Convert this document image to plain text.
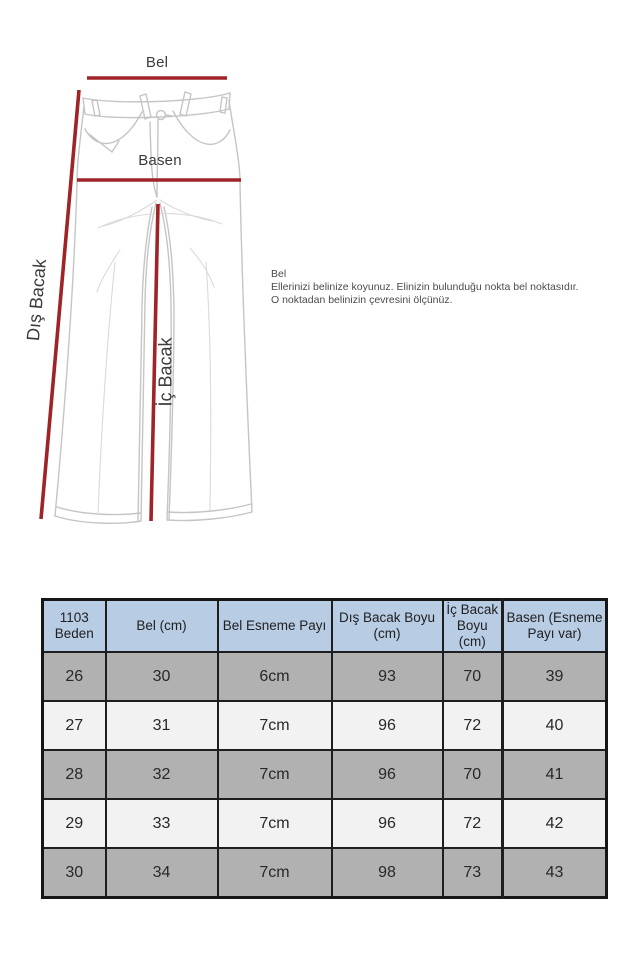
Bel
Basen
Dış Bacak
İç Bacak
Bel
Ellerinizi belinize koyunuz. Elinizin bulunduğu nokta bel noktasıdır.
O noktadan belinizin çevresini ölçünüz.
1103 Beden	Bel (cm)	Bel Esneme Payı	Dış Bacak Boyu (cm)	İç Bacak Boyu (cm)	Basen (Esneme Payı var)

26	30	6cm	93	70	39
27	31	7cm	96	72	40
28	32	7cm	96	70	41
29	33	7cm	96	72	42
30	34	7cm	98	73	43
